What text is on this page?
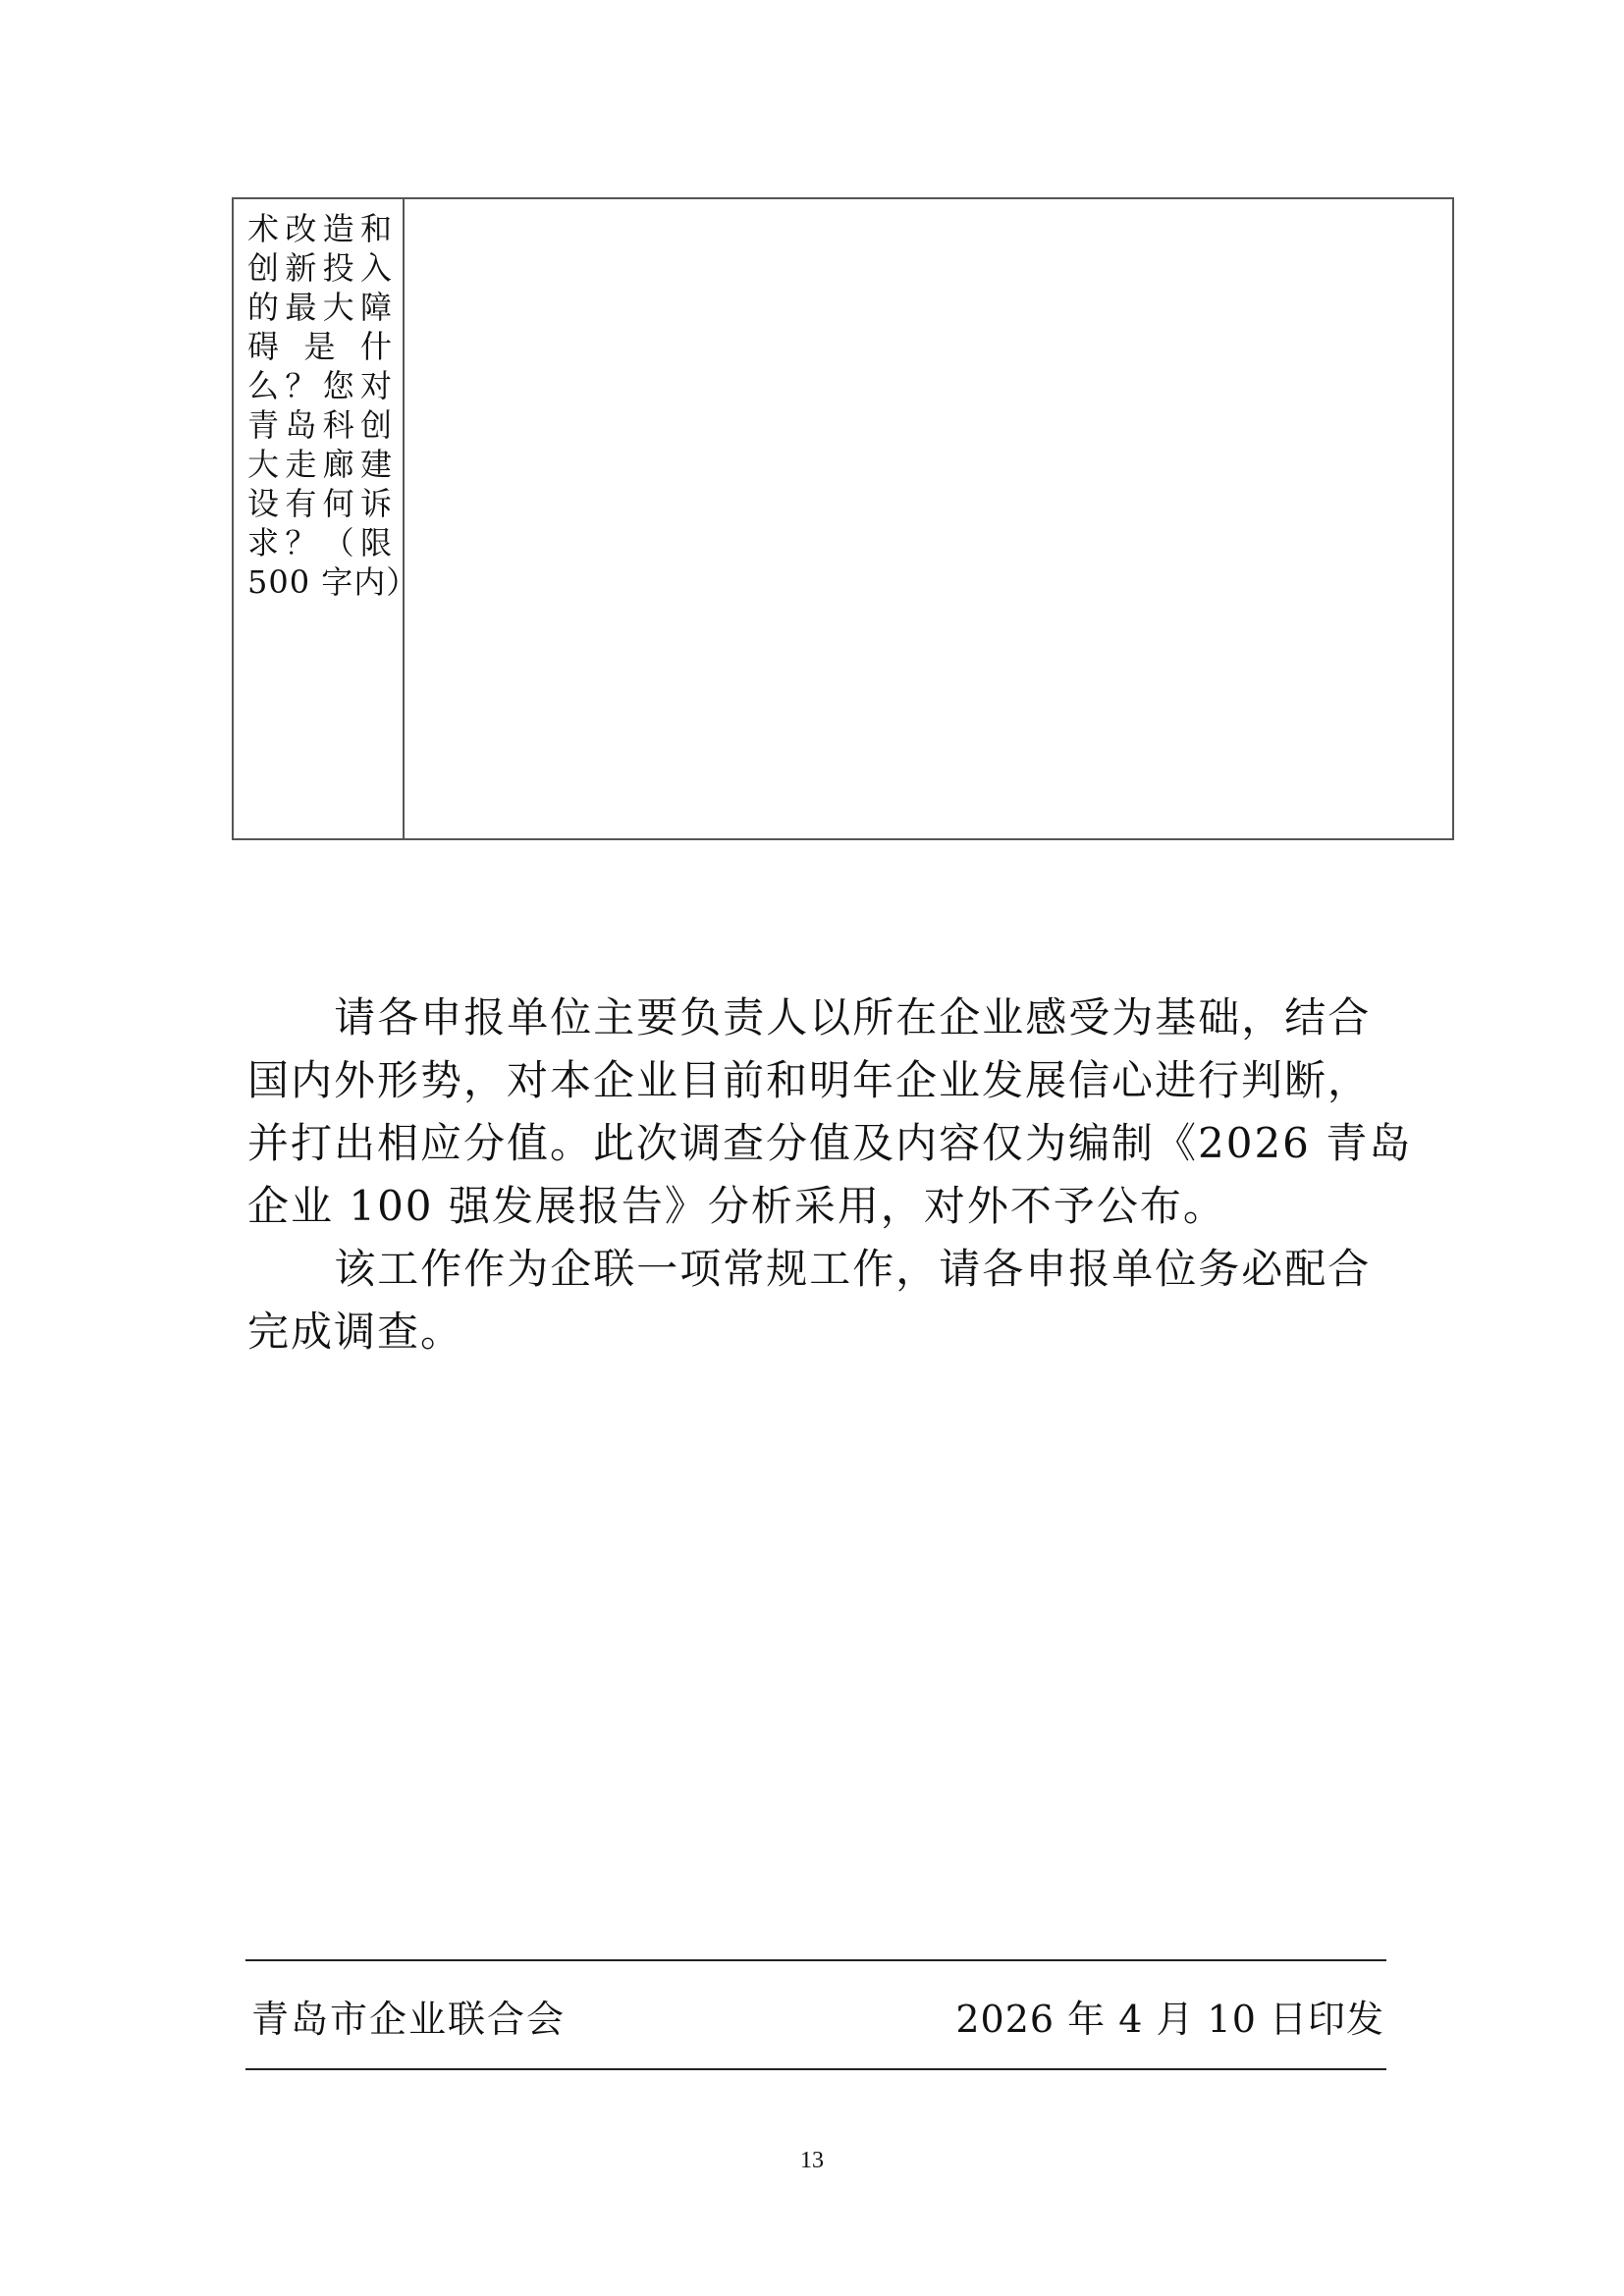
术改造和
创新投入
的最大障
碍 是 什
么？您对
青岛科创
大走廊建
设有何诉
求？（限
500 字内）

请各申报单位主要负责人以所在企业感受为基础，结合
国内外形势，对本企业目前和明年企业发展信心进行判断，
并打出相应分值。此次调查分值及内容仅为编制《2026 青岛
企业 100 强发展报告》分析采用，对外不予公布。

该工作作为企联一项常规工作，请各申报单位务必配合
完成调查。

青岛市企业联合会	2026 年 4 月 10 日印发
13
